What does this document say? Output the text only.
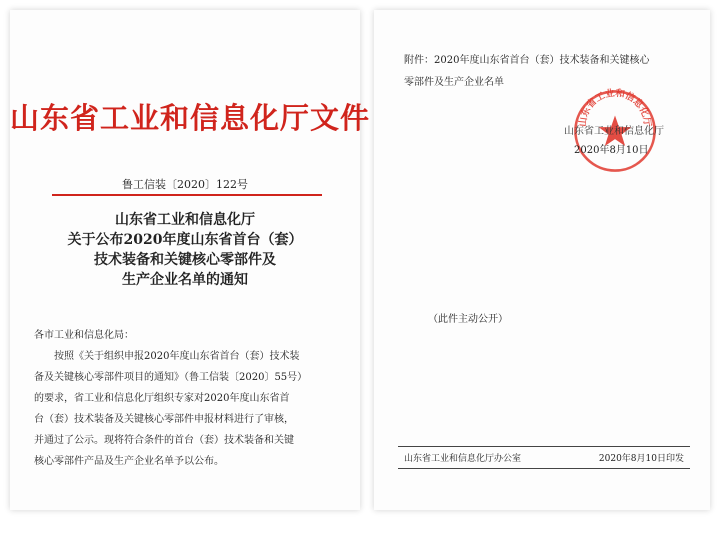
山东省工业和信息化厅文件
鲁工信装〔2020〕122号
山东省工业和信息化厅
关于公布2020年度山东省首台（套）
技术装备和关键核心零部件及
生产企业名单的通知
各市工业和信息化局：
按照《关于组织申报2020年度山东省首台（套）技术装
备及关键核心零部件项目的通知》（鲁工信装〔2020〕55号）
的要求，省工业和信息化厅组织专家对2020年度山东省首
台（套）技术装备及关键核心零部件申报材料进行了审核，
并通过了公示。现将符合条件的首台（套）技术装备和关键
核心零部件产品及生产企业名单予以公布。
附件：2020年度山东省首台（套）技术装备和关键核心
零部件及生产企业名单
山东省工业和信息化厅
山东省工业和信息化厅
2020年8月10日
（此件主动公开）
山东省工业和信息化厅办公室	2020年8月10日印发
